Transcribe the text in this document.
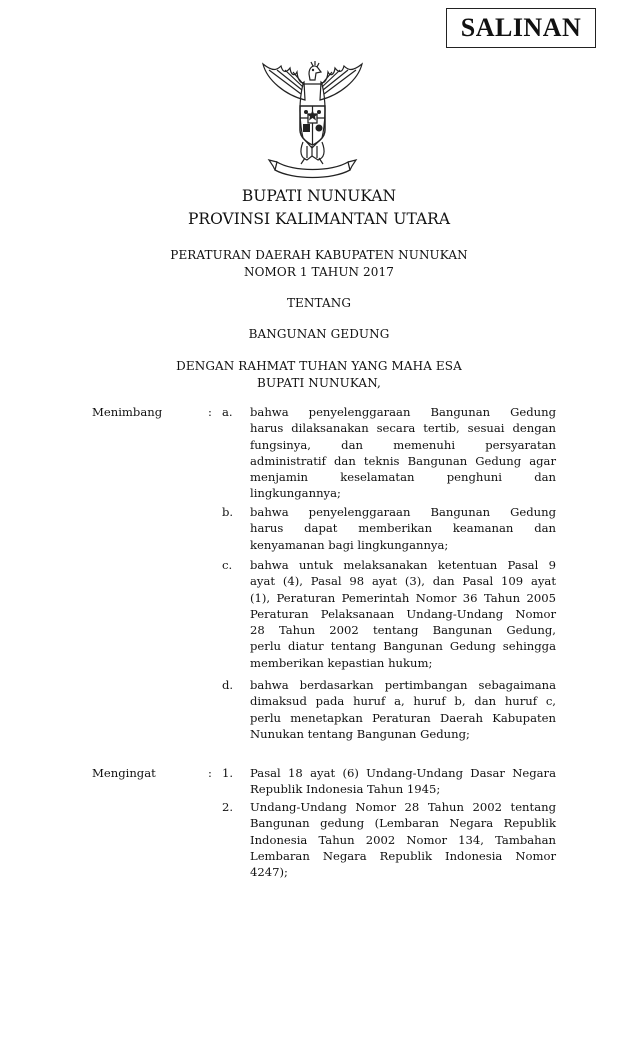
SALINAN
BUPATI NUNUKAN
PROVINSI KALIMANTAN UTARA
PERATURAN DAERAH KABUPATEN NUNUKAN
NOMOR 1 TAHUN 2017
TENTANG
BANGUNAN GEDUNG
DENGAN RAHMAT TUHAN YANG MAHA ESA
BUPATI NUNUKAN,
Menimbang	: a. bahwa penyelenggaraan Bangunan Gedung
harus dilaksanakan secara tertib, sesuai dengan
fungsinya, dan memenuhi persyaratan
administratif dan teknis Bangunan Gedung agar
menjamin keselamatan penghuni dan
lingkungannya;
b. bahwa penyelenggaraan Bangunan Gedung
harus dapat memberikan keamanan dan
kenyamanan bagi lingkungannya;
c. bahwa untuk melaksanakan ketentuan Pasal 9
ayat (4), Pasal 98 ayat (3), dan Pasal 109 ayat
(1), Peraturan Pemerintah Nomor 36 Tahun 2005
Peraturan Pelaksanaan Undang-Undang Nomor
28 Tahun 2002 tentang Bangunan Gedung,
perlu diatur tentang Bangunan Gedung sehingga
memberikan kepastian hukum;
d. bahwa berdasarkan pertimbangan sebagaimana
dimaksud pada huruf a, huruf b, dan huruf c,
perlu menetapkan Peraturan Daerah Kabupaten
Nunukan tentang Bangunan Gedung;
Mengingat	: 1. Pasal 18 ayat (6) Undang-Undang Dasar Negara
Republik Indonesia Tahun 1945;
2. Undang-Undang Nomor 28 Tahun 2002 tentang
Bangunan gedung (Lembaran Negara Republik
Indonesia Tahun 2002 Nomor 134, Tambahan
Lembaran Negara Republik Indonesia Nomor
4247);
